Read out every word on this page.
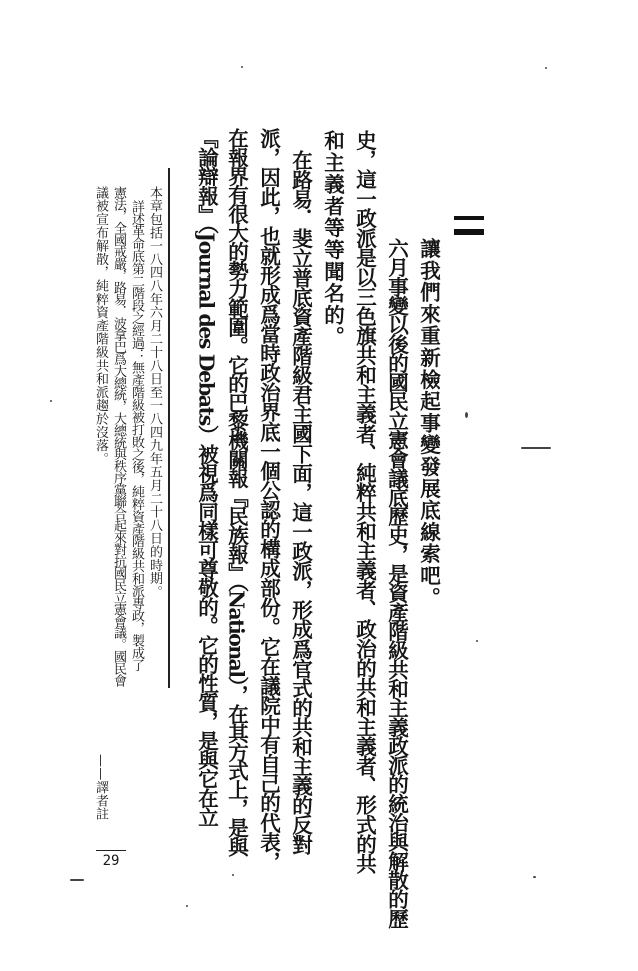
讓我們來重新檢起事變發展底線索吧。
六月事變以後的國民立憲會議底歷史，是資產階級共和主義政派的統治與解散的歷
史，這一政派是以三色旗共和主義者、純粹共和主義者、政治的共和主義者、形式的共
和主義者等等聞名的。
在路易．斐立普底資產階級君主國下面，這一政派，形成爲官式的共和主義的反對
派，因此，也就形成爲當時政治界底一個公認的構成部份。它在議院中有自己的代表，
在報界有很大的勢力範圍。它的巴黎機關報『民族報』（National），在其方式上，是與
『論辯報』（Journal des Debats）被視爲同樣可尊敬的。它的性質，是與它在立
本章包括一八四八年六月二十八日至一八四九年五月二十八日的時期。
詳述革命底第二階段之經過：無產階級被打敗之後，純粹資產階級共和派專政，製成了
憲法，全國戒嚴，路易．波拿巴爲大總統，大總統與秩序黨聯合起來對抗國民立憲會議。國民會
議被宣布解散，純粹資產階級共和派趨於沒落。
——譯者註
29
